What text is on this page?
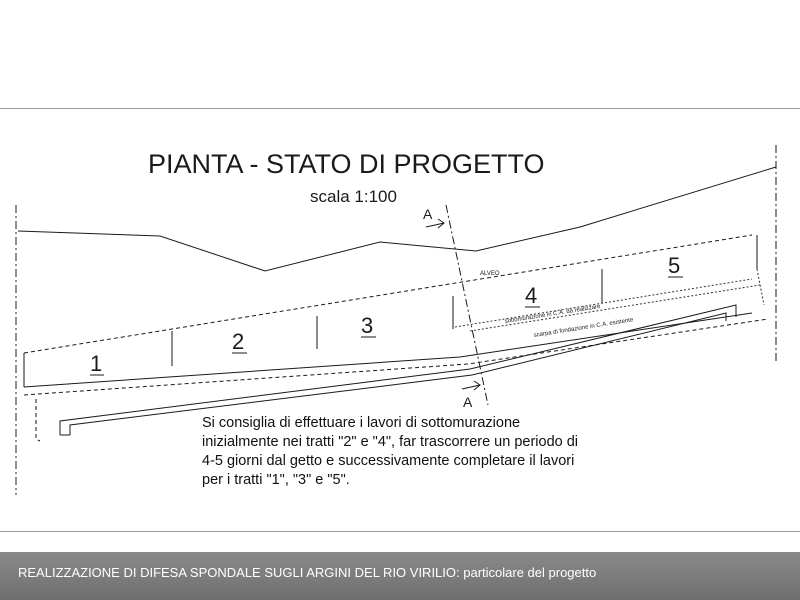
PIANTA - STATO DI PROGETTO
scala 1:100
A
A
ALVEO
1
2
3
4
5
sottomurazione in C.A. da realizzare
scarpa di fondazione in C.A. esistente
Si consiglia di effettuare i lavori di sottomurazione
inizialmente nei tratti "2" e "4", far trascorrere un periodo di
4-5 giorni dal getto e successivamente completare il lavori
per i tratti "1", "3" e "5".
REALIZZAZIONE DI DIFESA SPONDALE SUGLI ARGINI DEL RIO VIRILIO: particolare del progetto
